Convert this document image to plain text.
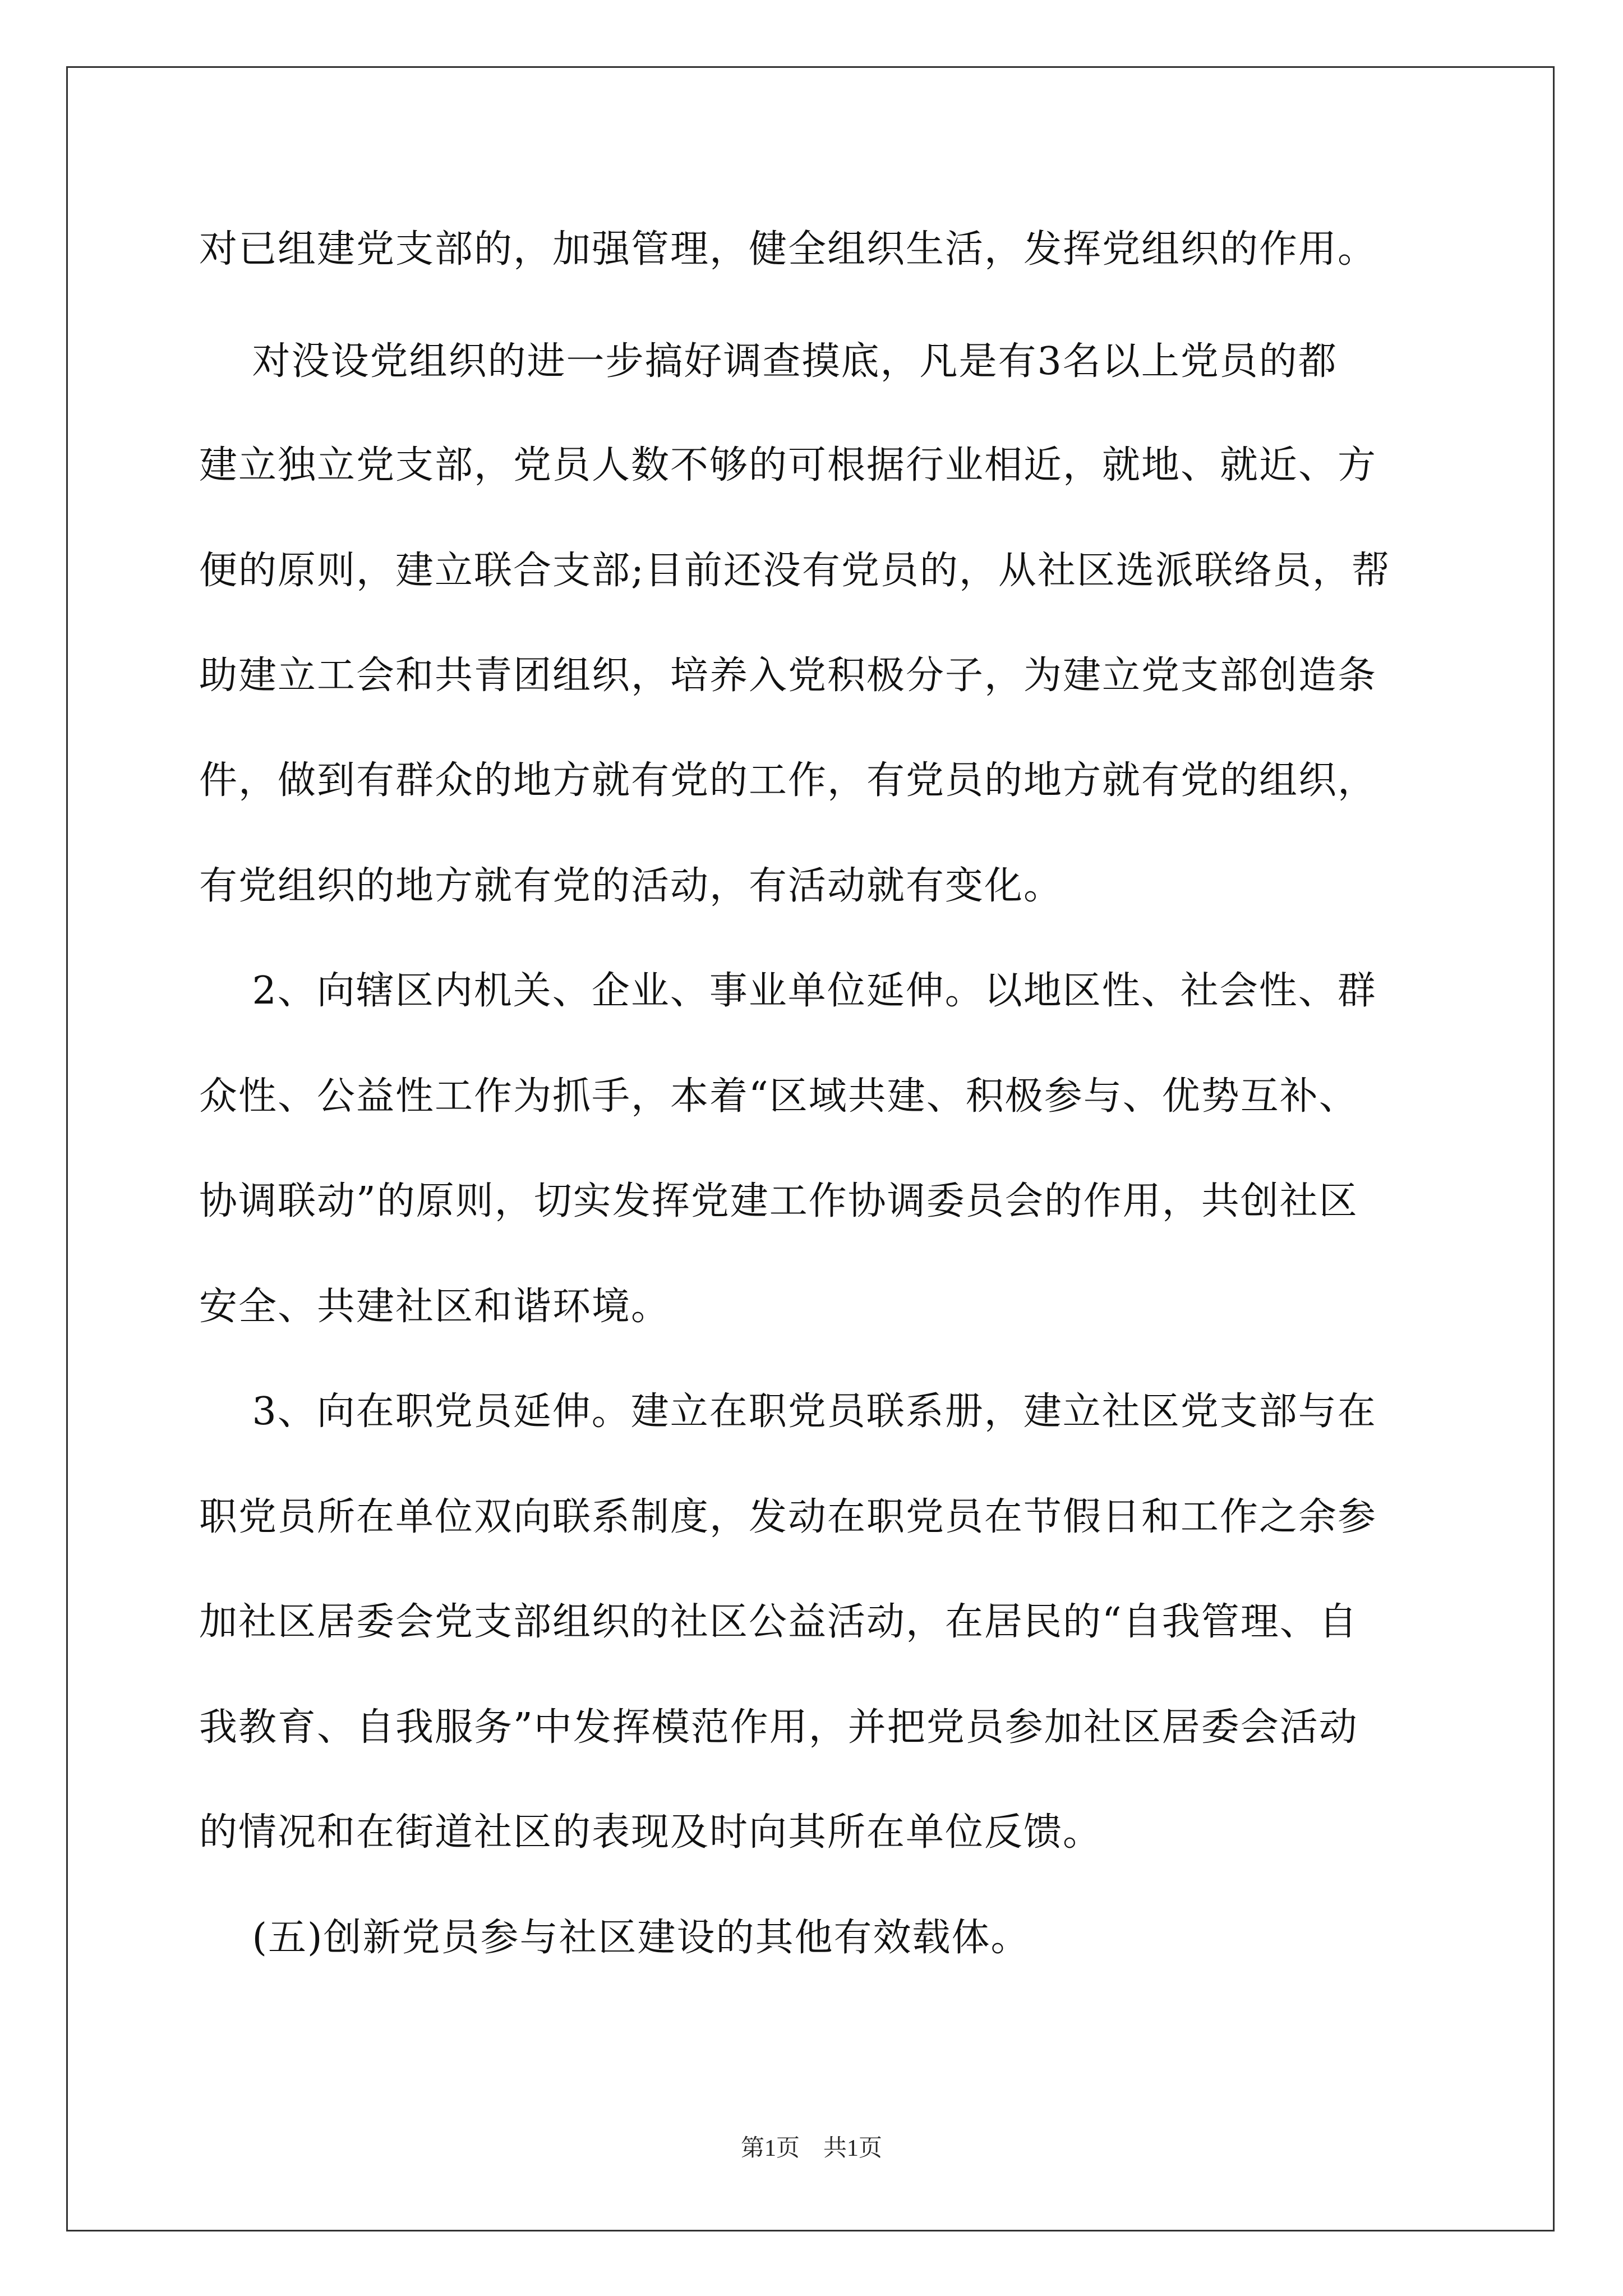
对已组建党支部的，加强管理，健全组织生活，发挥党组织的作用。
对没设党组织的进一步搞好调查摸底，凡是有3名以上党员的都
建立独立党支部，党员人数不够的可根据行业相近，就地、就近、方
便的原则，建立联合支部;目前还没有党员的，从社区选派联络员，帮
助建立工会和共青团组织，培养入党积极分子，为建立党支部创造条
件，做到有群众的地方就有党的工作，有党员的地方就有党的组织，
有党组织的地方就有党的活动，有活动就有变化。
2、向辖区内机关、企业、事业单位延伸。以地区性、社会性、群
众性、公益性工作为抓手，本着“区域共建、积极参与、优势互补、
协调联动”的原则，切实发挥党建工作协调委员会的作用，共创社区
安全、共建社区和谐环境。
3、向在职党员延伸。建立在职党员联系册，建立社区党支部与在
职党员所在单位双向联系制度，发动在职党员在节假日和工作之余参
加社区居委会党支部组织的社区公益活动，在居民的“自我管理、自
我教育、自我服务”中发挥模范作用，并把党员参加社区居委会活动
的情况和在街道社区的表现及时向其所在单位反馈。
(五)创新党员参与社区建设的其他有效载体。
第1页　共1页
